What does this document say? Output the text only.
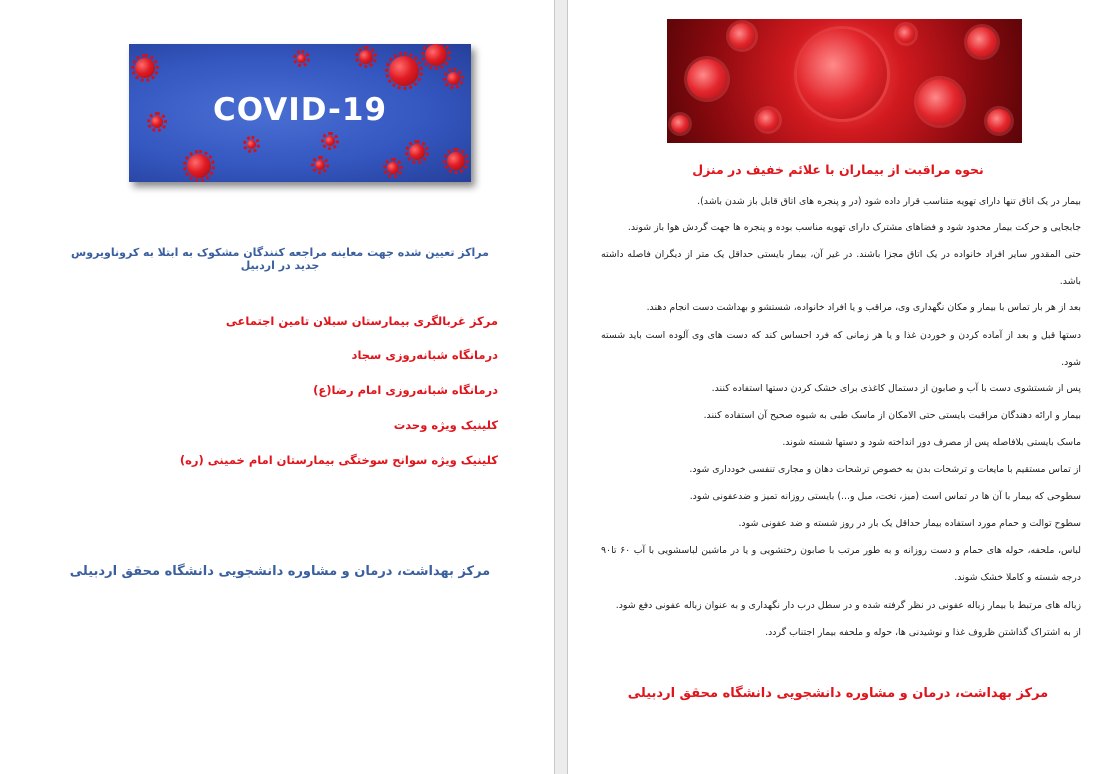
COVID-19
مراکز تعیین شده جهت معاینه مراجعه کنندگان مشکوک به ابتلا به کروناویروس جدید در اردبیل
مرکز غربالگری بیمارستان سبلان تامین اجتماعی
درمانگاه شبانه‌روزی سجاد
درمانگاه شبانه‌روزی امام رضا(ع)
کلینیک ویژه وحدت
کلینیک ویژه سوانح سوختگی بیمارستان امام خمینی (ره)
مرکز بهداشت، درمان و مشاوره دانشجویی دانشگاه محقق اردبیلی
نحوه مراقبت از بیماران با علائم خفیف در منزل
بیمار در یک اتاق تنها دارای تهویه متناسب قرار داده شود (در و پنجره های اتاق قابل باز شدن باشد).
جابجایی و حرکت بیمار محدود شود و فضاهای مشترک دارای تهویه مناسب بوده و پنجره ها جهت گردش هوا باز شوند.
حتی المقدور سایر افراد خانواده در یک اتاق مجزا باشند. در غیر آن، بیمار بایستی حداقل یک متر از دیگران فاصله داشته باشد.
بعد از هر بار تماس با بیمار و مکان نگهداری وی، مراقب و یا افراد خانواده، شستشو و بهداشت دست انجام دهند.
دستها قبل و بعد از آماده کردن و خوردن غذا و یا هر زمانی که فرد احساس کند که دست های وی آلوده است باید شسته شود.
پس از شستشوی دست با آب و صابون از دستمال کاغذی برای خشک کردن دستها استفاده کنند.
بیمار و ارائه دهندگان مراقبت بایستی حتی الامکان از ماسک طبی به شیوه صحیح آن استفاده کنند.
ماسک بایستی بلافاصله پس از مصرف دور انداخته شود و دستها شسته شوند.
از تماس مستقیم با مایعات و ترشحات بدن به خصوص ترشحات دهان و مجاری تنفسی خودداری شود.
سطوحی که بیمار با آن ها در تماس است (میز، تخت، مبل و...) بایستی روزانه تمیز و ضدعفونی شود.
سطوح توالت و حمام مورد استفاده بیمار حداقل یک بار در روز شسته و ضد عفونی شود.
لباس، ملحفه، حوله های حمام و دست روزانه و به طور مرتب با صابون رختشویی و یا در ماشین لباسشویی با آب ۶۰ تا۹۰ درجه شسته و کاملا خشک شوند.
زباله های مرتبط با بیمار زباله عفونی در نظر گرفته شده و در سطل درب دار نگهداری و به عنوان زباله عفونی دفع شود.
از به اشتراک گذاشتن ظروف غذا و نوشیدنی ها، حوله و ملحفه بیمار اجتناب گردد.
مرکز بهداشت، درمان و مشاوره دانشجویی دانشگاه محقق اردبیلی
